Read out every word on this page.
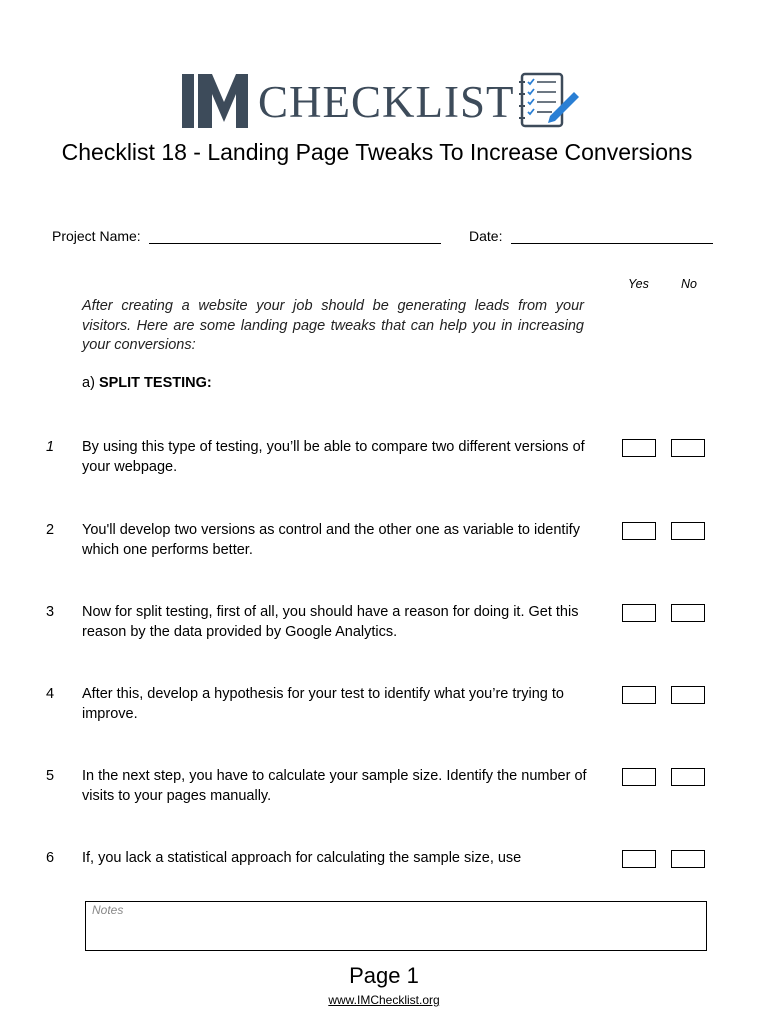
CHECKLIST
Checklist 18 - Landing Page Tweaks To Increase Conversions
Project Name:	Date:
Yes	No
After creating a website your job should be generating leads from your visitors. Here are some landing page tweaks that can help you in increasing your conversions:
a) SPLIT TESTING:
1 By using this type of testing, you’ll be able to compare two different versions of your webpage.
2 You'll develop two versions as control and the other one as variable to identify which one performs better.
3 Now for split testing, first of all, you should have a reason for doing it. Get this reason by the data provided by Google Analytics.
4 After this, develop a hypothesis for your test to identify what you’re trying to improve.
5 In the next step, you have to calculate your sample size. Identify the number of visits to your pages manually.
6 If, you lack a statistical approach for calculating the sample size, use
Notes
Page 1
www.IMChecklist.org
